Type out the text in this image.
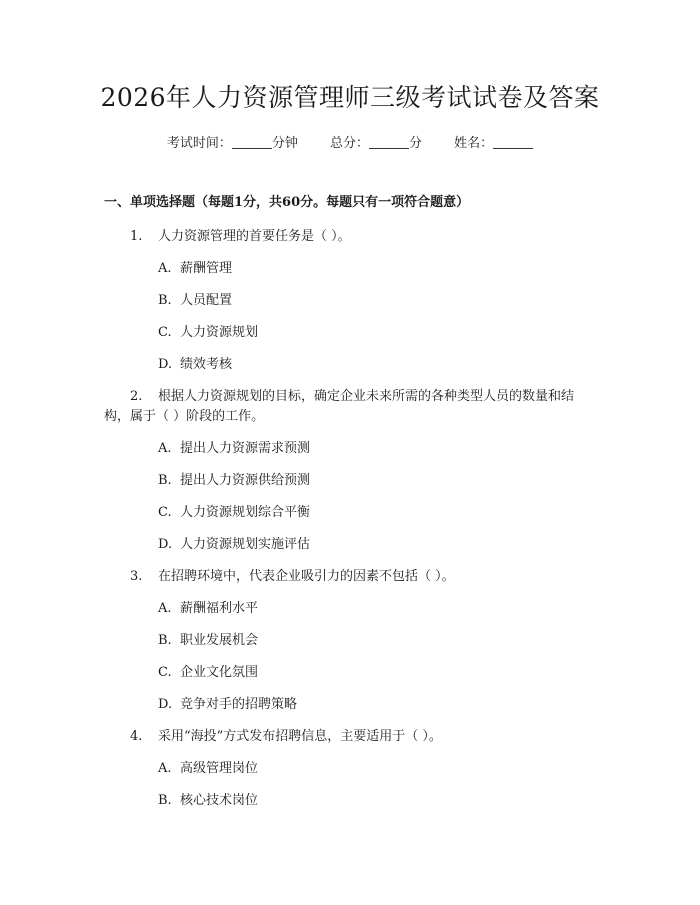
2026年人力资源管理师三级考试试卷及答案
考试时间：	分钟 总分：	分 姓名：
一、单项选择题（每题1分，共60分。每题只有一项符合题意）
1. 人力资源管理的首要任务是（ ）。
A. 薪酬管理
B. 人员配置
C. 人力资源规划
D. 绩效考核
2. 根据人力资源规划的目标，确定企业未来所需的各种类型人员的数量和结
构，属于（ ）阶段的工作。
A. 提出人力资源需求预测
B. 提出人力资源供给预测
C. 人力资源规划综合平衡
D. 人力资源规划实施评估
3. 在招聘环境中，代表企业吸引力的因素不包括（ ）。
A. 薪酬福利水平
B. 职业发展机会
C. 企业文化氛围
D. 竞争对手的招聘策略
4. 采用“海投”方式发布招聘信息，主要适用于（ ）。
A. 高级管理岗位
B. 核心技术岗位
